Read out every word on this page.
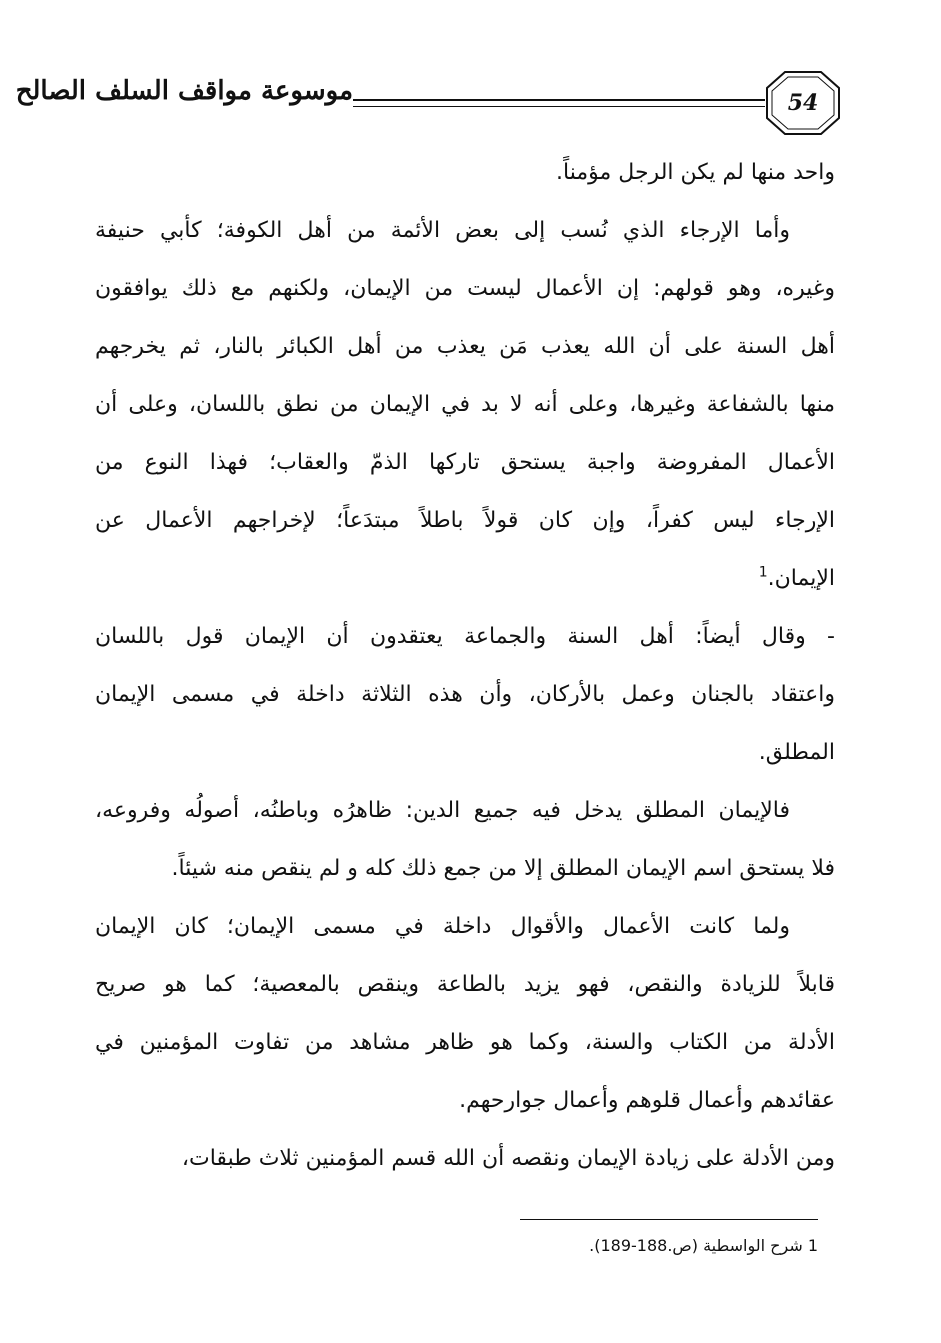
موسوعة مواقف السلف الصالح	54
واحد منها لم يكن الرجل مؤمناً.
وأما الإرجاء الذي نُسب إلى بعض الأئمة من أهل الكوفة؛ كأبي حنيفة
وغيره، وهو قولهم: إن الأعمال ليست من الإيمان، ولكنهم مع ذلك يوافقون
أهل السنة على أن الله يعذب مَن يعذب من أهل الكبائر بالنار، ثم يخرجهم
منها بالشفاعة وغيرها، وعلى أنه لا بد في الإيمان من نطق باللسان، وعلى أن
الأعمال المفروضة واجبة يستحق تاركها الذمّ والعقاب؛ فهذا النوع من
الإرجاء ليس كفراً، وإن كان قولاً باطلاً مبتدَعاً؛ لإخراجهم الأعمال عن
الإيمان.$^1$
- وقال أيضاً: أهل السنة والجماعة يعتقدون أن الإيمان قول باللسان
واعتقاد بالجنان وعمل بالأركان، وأن هذه الثلاثة داخلة في مسمى الإيمان
المطلق.
فالإيمان المطلق يدخل فيه جميع الدين: ظاهرُه وباطنُه، أصولُه وفروعه،
فلا يستحق اسم الإيمان المطلق إلا من جمع ذلك كله و لم ينقص منه شيئاً.
ولما كانت الأعمال والأقوال داخلة في مسمى الإيمان؛ كان الإيمان
قابلاً للزيادة والنقص، فهو يزيد بالطاعة وينقص بالمعصية؛ كما هو صريح
الأدلة من الكتاب والسنة، وكما هو ظاهر مشاهد من تفاوت المؤمنين في
عقائدهم وأعمال قلوهم وأعمال جوارحهم.
ومن الأدلة على زيادة الإيمان ونقصه أن الله قسم المؤمنين ثلاث طبقات،
1 شرح الواسطية (ص.188-189).
